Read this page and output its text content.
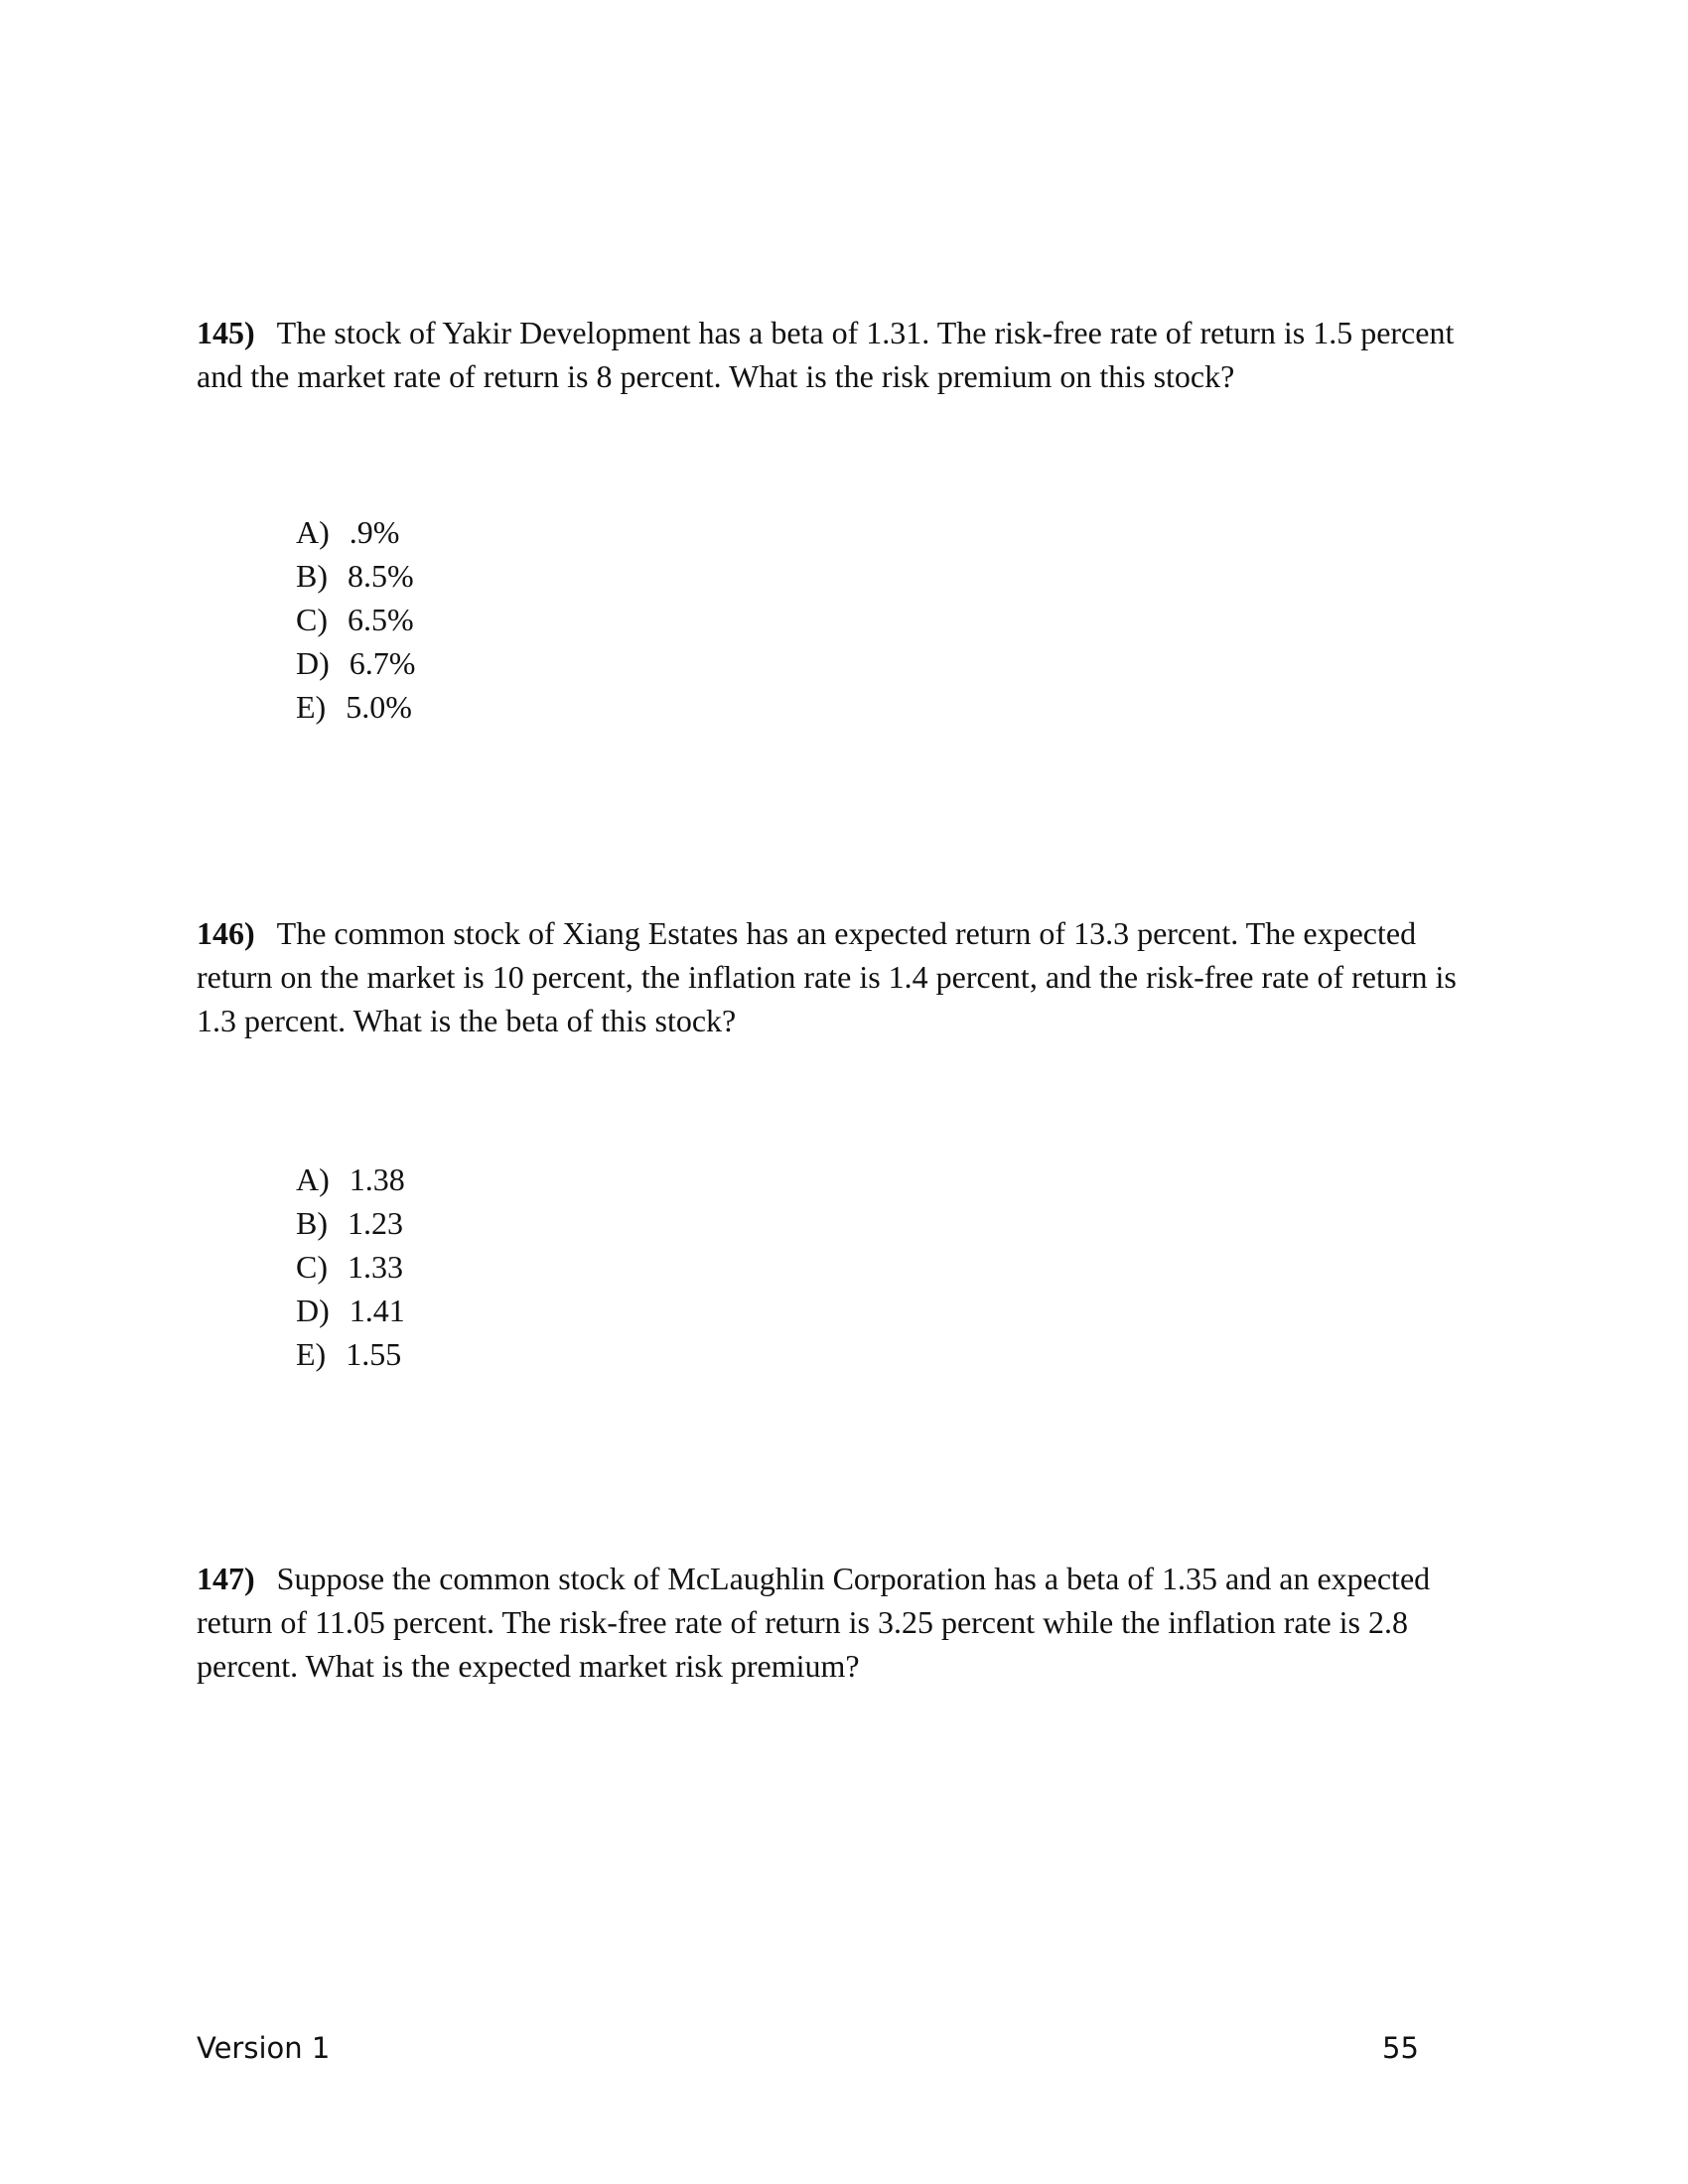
145) The stock of Yakir Development has a beta of 1.31. The risk-free rate of return is 1.5 percent and the market rate of return is 8 percent. What is the risk premium on this stock?

A) .9%
B) 8.5%
C) 6.5%
D) 6.7%
E) 5.0%

146) The common stock of Xiang Estates has an expected return of 13.3 percent. The expected return on the market is 10 percent, the inflation rate is 1.4 percent, and the risk-free rate of return is 1.3 percent. What is the beta of this stock?

A) 1.38
B) 1.23
C) 1.33
D) 1.41
E) 1.55

147) Suppose the common stock of McLaughlin Corporation has a beta of 1.35 and an expected return of 11.05 percent. The risk-free rate of return is 3.25 percent while the inflation rate is 2.8 percent. What is the expected market risk premium?

Version 1	55
